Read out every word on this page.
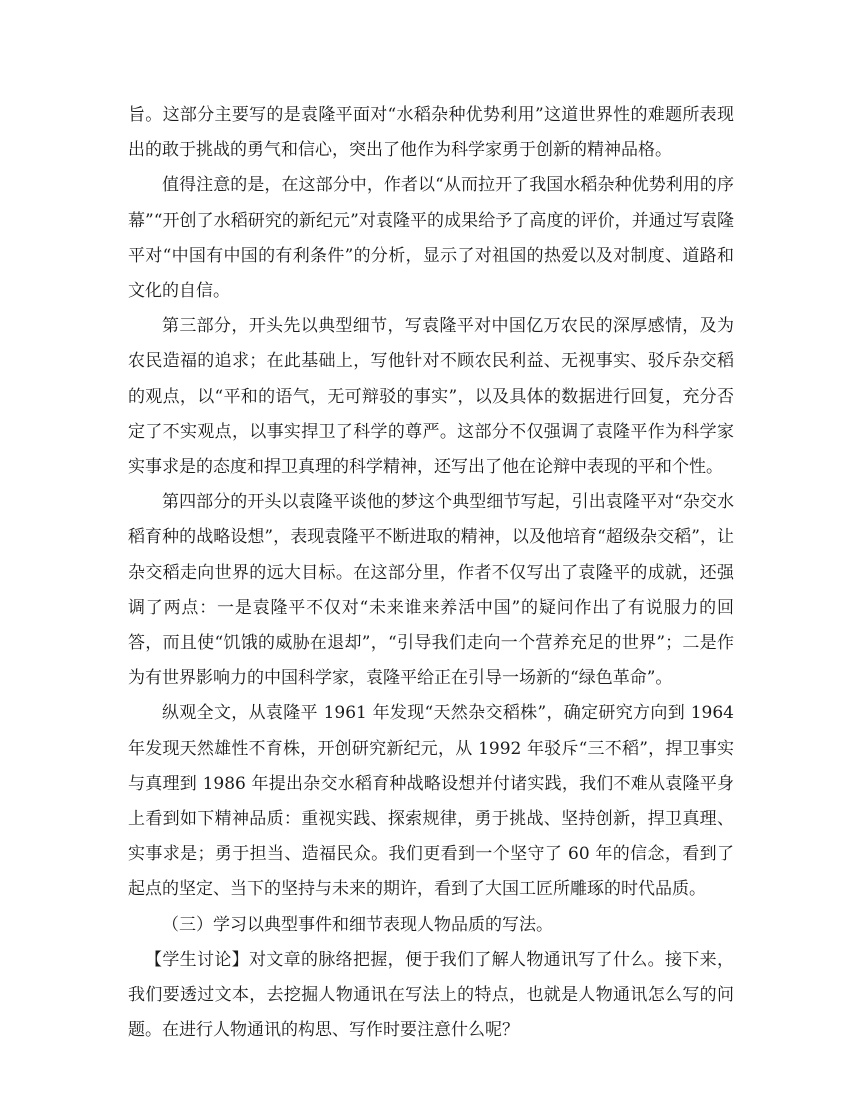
旨。这部分主要写的是袁隆平面对“水稻杂种优势利用”这道世界性的难题所表现出的敢于挑战的勇气和信心，突出了他作为科学家勇于创新的精神品格。

值得注意的是，在这部分中，作者以“从而拉开了我国水稻杂种优势利用的序幕”“开创了水稻研究的新纪元”对袁隆平的成果给予了高度的评价，并通过写袁隆平对“中国有中国的有利条件”的分析，显示了对祖国的热爱以及对制度、道路和文化的自信。

第三部分，开头先以典型细节，写袁隆平对中国亿万农民的深厚感情，及为农民造福的追求；在此基础上，写他针对不顾农民利益、无视事实、驳斥杂交稻的观点，以“平和的语气，无可辩驳的事实”，以及具体的数据进行回复，充分否定了不实观点，以事实捍卫了科学的尊严。这部分不仅强调了袁隆平作为科学家实事求是的态度和捍卫真理的科学精神，还写出了他在论辩中表现的平和个性。

第四部分的开头以袁隆平谈他的梦这个典型细节写起，引出袁隆平对“杂交水稻育种的战略设想”，表现袁隆平不断进取的精神，以及他培育“超级杂交稻”，让杂交稻走向世界的远大目标。在这部分里，作者不仅写出了袁隆平的成就，还强调了两点：一是袁隆平不仅对“未来谁来养活中国”的疑问作出了有说服力的回答，而且使“饥饿的威胁在退却”，“引导我们走向一个营养充足的世界”；二是作为有世界影响力的中国科学家，袁隆平给正在引导一场新的“绿色革命”。

纵观全文，从袁隆平 1961 年发现“天然杂交稻株”，确定研究方向到 1964 年发现天然雄性不育株，开创研究新纪元，从 1992 年驳斥“三不稻”，捍卫事实与真理到 1986 年提出杂交水稻育种战略设想并付诸实践，我们不难从袁隆平身上看到如下精神品质：重视实践、探索规律，勇于挑战、坚持创新，捍卫真理、实事求是；勇于担当、造福民众。我们更看到一个坚守了 60 年的信念，看到了起点的坚定、当下的坚持与未来的期许，看到了大国工匠所雕琢的时代品质。

（三）学习以典型事件和细节表现人物品质的写法。

【学生讨论】对文章的脉络把握，便于我们了解人物通讯写了什么。接下来，我们要透过文本，去挖掘人物通讯在写法上的特点，也就是人物通讯怎么写的问题。在进行人物通讯的构思、写作时要注意什么呢？
